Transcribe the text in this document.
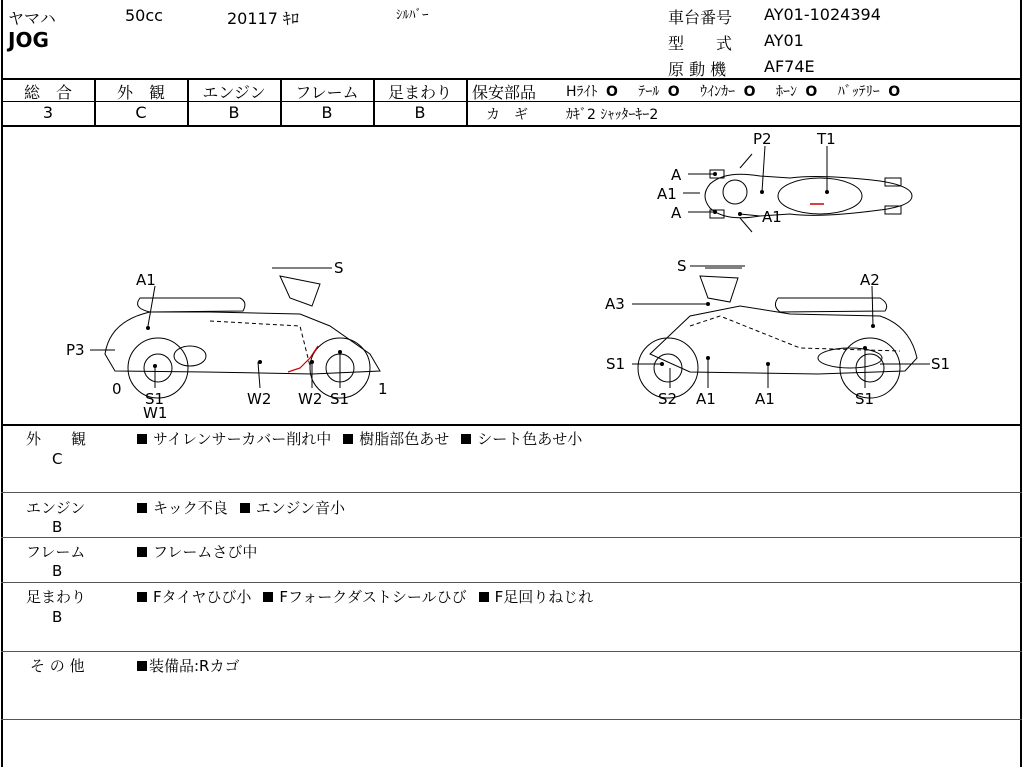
ヤマハ	50cc	20117 ｷﾛ	ｼﾙﾊﾞｰ
JOG
車台番号 AY01-1024394
型　　式 AY01
原 動 機 AF74E
総　合
3
外　観
C
エンジン
B
フレーム
B
足まわり
B
保安部品 Hﾗｲﾄ O ﾃｰﾙ O ｳｲﾝｶｰ O ﾎｰﾝ O ﾊﾞｯﾃﾘｰ O
カ　ギ	ｶｷﾞ2 ｼｬｯﾀｰｷｰ2
P2	T1
A
A1
A	A1
A1
S
P3
0	1
S1
W1
W2 W2 S1
S
A2
A3
S1	S1
S2 A1	A1	S1
外　　観
C
サイレンサーカバー削れ中 樹脂部色あせ シート色あせ小
エンジン
B
キック不良 エンジン音小
フレーム
B
フレームさび中
足まわり
B
Fタイヤひび小 Fフォークダストシールひび F足回りねじれ
そ の 他	装備品:Rカゴ
